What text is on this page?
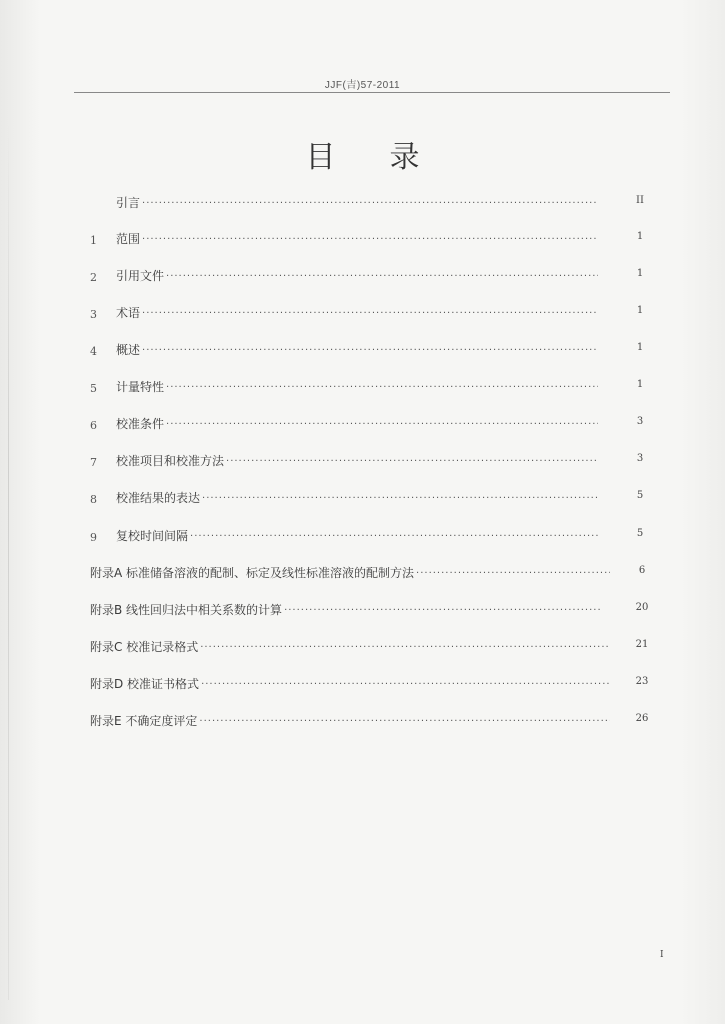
JJF(吉)57-2011
目录
引言 ·····	II
1	范围 ·····	1
2	引用文件 ·····	1
3	术语 ·····	1
4	概述 ·····	1
5	计量特性 ·····	1
6	校准条件 ·····	3
7	校准项目和校准方法 ·····	3
8	校准结果的表达 ·····	5
9	复校时间间隔 ·····	5
附录A 标准储备溶液的配制、标定及线性标准溶液的配制方法 ·····	6
附录B 线性回归法中相关系数的计算 ·····	20
附录C 校准记录格式 ·····	21
附录D 校准证书格式 ·····	23
附录E 不确定度评定 ·····	26
I
